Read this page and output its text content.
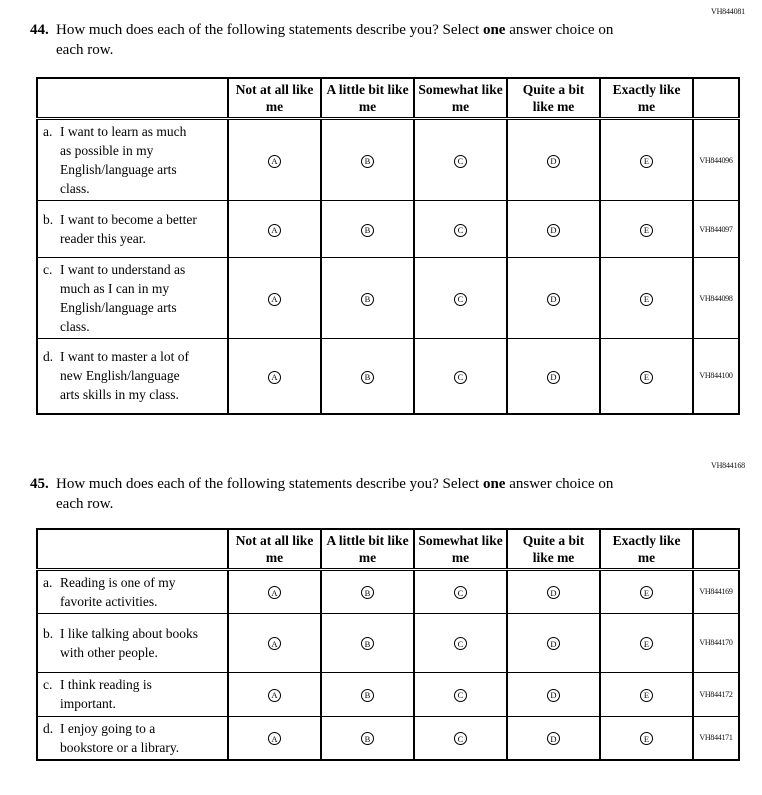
VH844081
44. How much does each of the following statements describe you? Select one answer choice on each row.

	Not at all like me	A little bit like me	Somewhat like me	Quite a bit like me	Exactly like me	

a. I want to learn as much as possible in my English/language arts class.	A	B	C	D	E	VH844096

b. I want to become a better reader this year.	A	B	C	D	E	VH844097

c. I want to understand as much as I can in my English/language arts class.	A	B	C	D	E	VH844098

d. I want to master a lot of new English/language arts skills in my class.	A	B	C	D	E	VH844100
VH844168
45. How much does each of the following statements describe you? Select one answer choice on each row.

	Not at all like me	A little bit like me	Somewhat like me	Quite a bit like me	Exactly like me	

a. Reading is one of my favorite activities.	A	B	C	D	E	VH844169

b. I like talking about books with other people.	A	B	C	D	E	VH844170

c. I think reading is important.	A	B	C	D	E	VH844172

d. I enjoy going to a bookstore or a library.	A	B	C	D	E	VH844171
